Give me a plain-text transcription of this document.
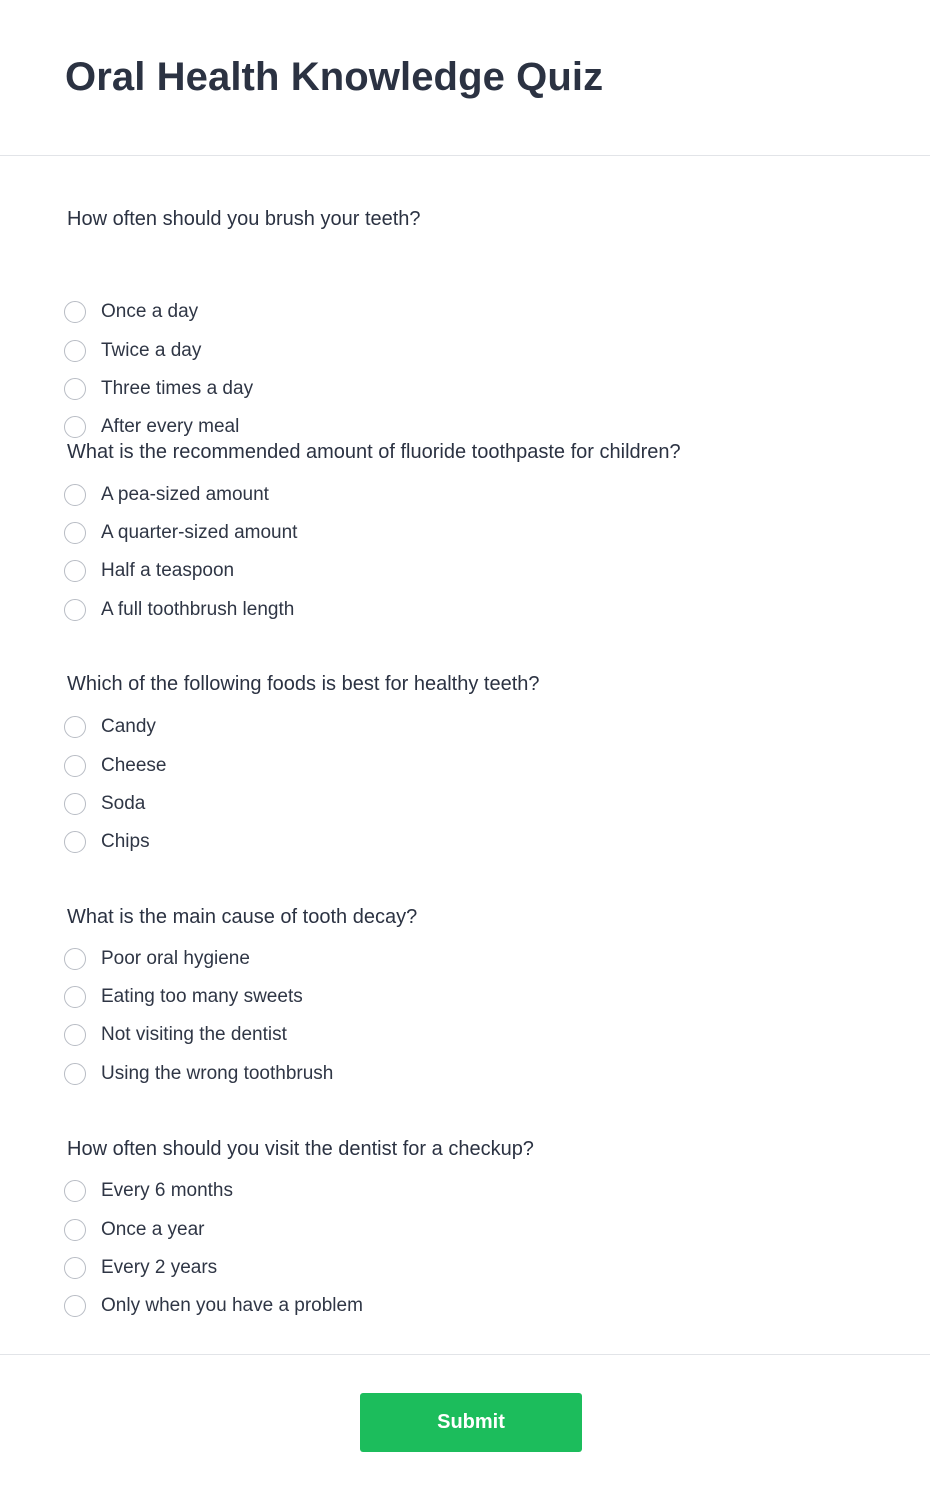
Oral Health Knowledge Quiz
How often should you brush your teeth?
Once a day
Twice a day
Three times a day
After every meal
What is the recommended amount of fluoride toothpaste for children?
A pea-sized amount
A quarter-sized amount
Half a teaspoon
A full toothbrush length
Which of the following foods is best for healthy teeth?
Candy
Cheese
Soda
Chips
What is the main cause of tooth decay?
Poor oral hygiene
Eating too many sweets
Not visiting the dentist
Using the wrong toothbrush
How often should you visit the dentist for a checkup?
Every 6 months
Once a year
Every 2 years
Only when you have a problem
Submit
